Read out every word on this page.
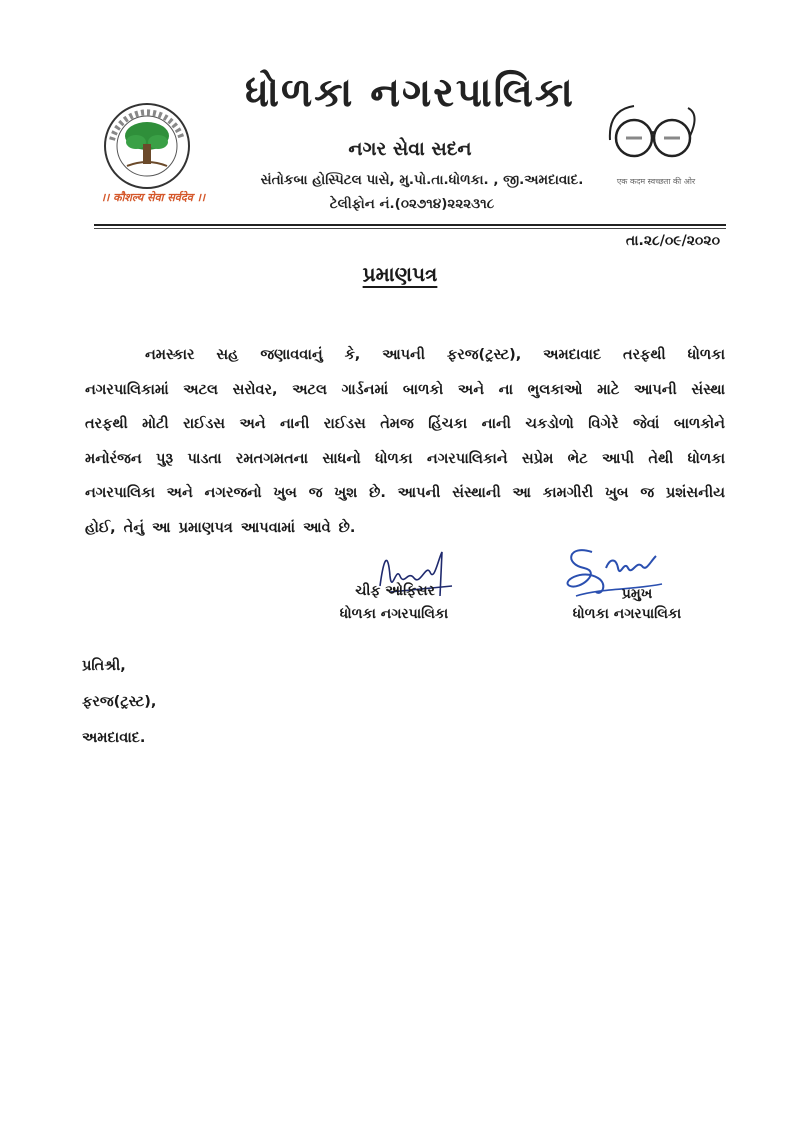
।। कौशल्य सेवा सर्वदेव ।।
ધોળકા નગરપાલિકા
નગર સેવા સદન
સંતોકબા હોસ્પિટલ પાસે, મુ.પો.તા.ધોળકા. , જી.અમદાવાદ.
ટેલીફોન નં.(૦૨૭૧૪)૨૨૨૩૧૮
एक कदम स्वच्छता की ओर
તા.૨૮/૦૯/૨૦૨૦
પ્રમાણપત્ર
નમસ્કાર સહ જણાવવાનું કે, આપની ફરજ(ટ્રસ્ટ), અમદાવાદ તરફથી ધોળકા
નગરપાલિકામાં અટલ સરોવર, અટલ ગાર્ડનમાં બાળકો અને ના ભુલકાઓ માટે આપની સંસ્થા
તરફથી મોટી રાઈડસ અને નાની રાઈડસ તેમજ હિંચકા નાની ચકડોળો વિગેરે જેવાં બાળકોને
મનોરંજન પુરૂ પાડતા રમતગમતના સાધનો ધોળકા નગરપાલિકાને સપ્રેમ ભેટ આપી તેથી ધોળકા
નગરપાલિકા અને નગરજનો ખુબ જ ખુશ છે. આપની સંસ્થાની આ કામગીરી ખુબ જ પ્રશંસનીય
હોઈ, તેનું આ પ્રમાણપત્ર આપવામાં આવે છે.
ચીફ ઓફિસર
ધોળકા નગરપાલિકા
પ્રમુખ
ધોળકા નગરપાલિકા
પ્રતિશ્રી,
ફરજ(ટ્રસ્ટ),
અમદાવાદ.
